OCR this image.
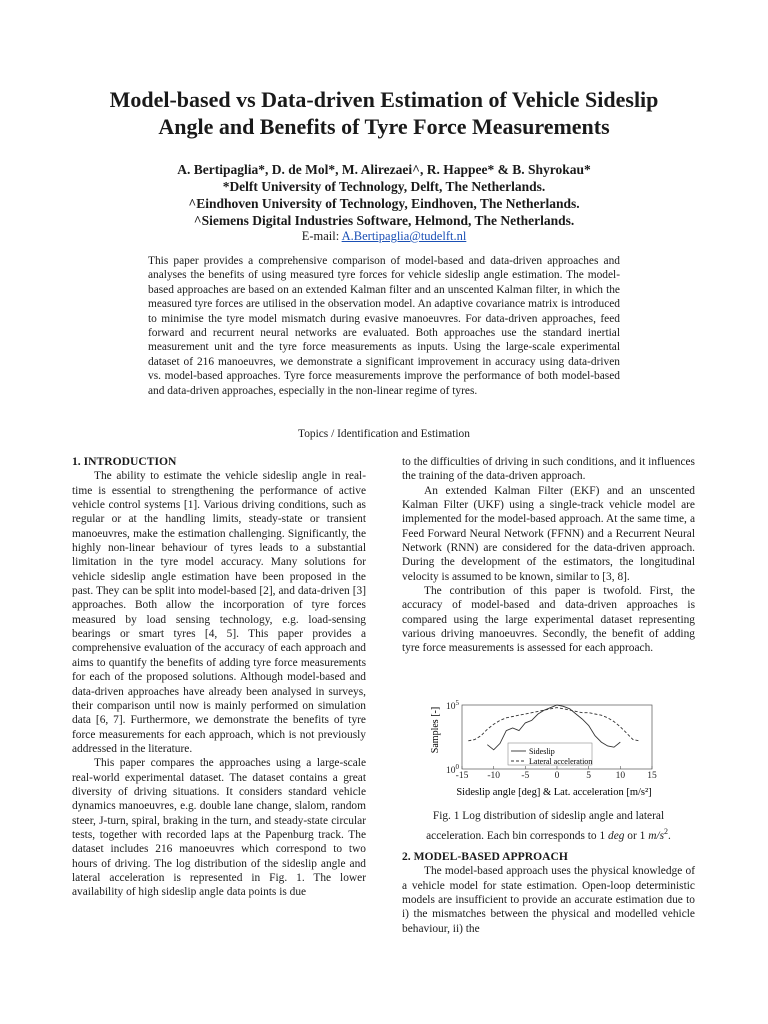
Model-based vs Data-driven Estimation of Vehicle Sideslip
Angle and Benefits of Tyre Force Measurements
A. Bertipaglia*, D. de Mol*, M. Alirezaei^, R. Happee* & B. Shyrokau*
*Delft University of Technology, Delft, The Netherlands.
^Eindhoven University of Technology, Eindhoven, The Netherlands.
^Siemens Digital Industries Software, Helmond, The Netherlands.
E-mail: A.Bertipaglia@tudelft.nl
This paper provides a comprehensive comparison of model-based and data-driven approaches and analyses the benefits of using measured tyre forces for vehicle sideslip angle estimation. The model-based approaches are based on an extended Kalman filter and an unscented Kalman filter, in which the measured tyre forces are utilised in the observation model. An adaptive covariance matrix is introduced to minimise the tyre model mismatch during evasive manoeuvres. For data-driven approaches, feed forward and recurrent neural networks are evaluated. Both approaches use the standard inertial measurement unit and the tyre force measurements as inputs. Using the large-scale experimental dataset of 216 manoeuvres, we demonstrate a significant improvement in accuracy using data-driven vs. model-based approaches. Tyre force measurements improve the performance of both model-based and data-driven approaches, especially in the non-linear regime of tyres.
Topics / Identification and Estimation
1. INTRODUCTION

The ability to estimate the vehicle sideslip angle in real-time is essential to strengthening the performance of active vehicle control systems [1]. Various driving conditions, such as regular or at the handling limits, steady-state or transient manoeuvres, make the estimation challenging. Significantly, the highly non-linear behaviour of tyres leads to a substantial limitation in the tyre model accuracy. Many solutions for vehicle sideslip angle estimation have been proposed in the past. They can be split into model-based [2], and data-driven [3] approaches. Both allow the incorporation of tyre forces measured by load sensing technology, e.g. load-sensing bearings or smart tyres [4, 5]. This paper provides a comprehensive evaluation of the accuracy of each approach and aims to quantify the benefits of adding tyre force measurements for each of the proposed solutions. Although model-based and data-driven approaches have already been analysed in surveys, their comparison until now is mainly performed on simulation data [6, 7]. Furthermore, we demonstrate the benefits of tyre force measurements for each approach, which is not previously addressed in the literature.

This paper compares the approaches using a large-scale real-world experimental dataset. The dataset contains a great diversity of driving situations. It considers standard vehicle dynamics manoeuvres, e.g. double lane change, slalom, random steer, J-turn, spiral, braking in the turn, and steady-state circular tests, together with recorded laps at the Papenburg track. The dataset includes 216 manoeuvres which correspond to two hours of driving. The log distribution of the sideslip angle and lateral acceleration is represented in Fig. 1. The lower availability of high sideslip angle data points is due

to the difficulties of driving in such conditions, and it influences the training of the data-driven approach.

An extended Kalman Filter (EKF) and an unscented Kalman Filter (UKF) using a single-track vehicle model are implemented for the model-based approach. At the same time, a Feed Forward Neural Network (FFNN) and a Recurrent Neural Network (RNN) are considered for the data-driven approach. During the development of the estimators, the longitudinal velocity is assumed to be known, similar to [3, 8].

The contribution of this paper is twofold. First, the accuracy of model-based and data-driven approaches is compared using the large experimental dataset representing various driving manoeuvres. Secondly, the benefit of adding tyre force measurements is assessed for each approach.

-15 -10 -5	0	5	10 15
$10^0$
$10^5$
Sideslip
Lateral acceleration
Samples [-]
Sideslip angle [deg] & Lat. acceleration [m/s²]
Fig. 1 Log distribution of sideslip angle and lateral
acceleration. Each bin corresponds to 1 deg or 1 $m/s^2$.
2. MODEL-BASED APPROACH

The model-based approach uses the physical knowledge of a vehicle model for state estimation. Open-loop deterministic models are insufficient to provide an accurate estimation due to i) the mismatches between the physical and modelled vehicle behaviour, ii) the
